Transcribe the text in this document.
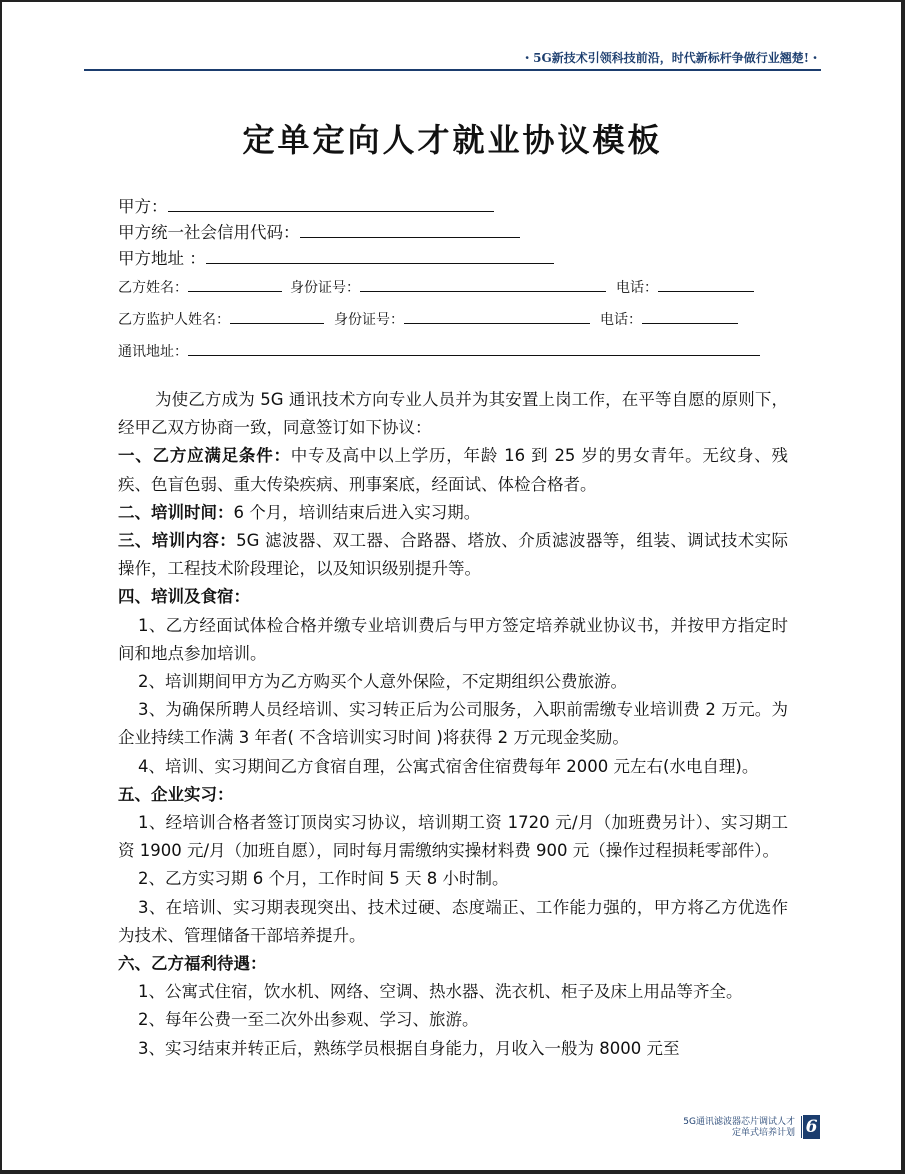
・5G新技术引领科技前沿，时代新标杆争做行业翘楚!・
定单定向人才就业协议模板
甲方：
甲方统一社会信用代码：
甲方地址 ：
乙方姓名：	身份证号：	电话：
乙方监护人姓名：	身份证号：	电话：
通讯地址：

为使乙方成为 5G 通讯技术方向专业人员并为其安置上岗工作，在平等自愿的原则下，经甲乙双方协商一致，同意签订如下协议：

一、乙方应满足条件：中专及高中以上学历，年龄 16 到 25 岁的男女青年。无纹身、残疾、色盲色弱、重大传染疾病、刑事案底，经面试、体检合格者。

二、培训时间：6 个月，培训结束后进入实习期。

三、培训内容：5G 滤波器、双工器、合路器、塔放、介质滤波器等，组装、调试技术实际操作，工程技术阶段理论，以及知识级别提升等。

四、培训及食宿：

1、乙方经面试体检合格并缴专业培训费后与甲方签定培养就业协议书，并按甲方指定时间和地点参加培训。

2、培训期间甲方为乙方购买个人意外保险，不定期组织公费旅游。

3、为确保所聘人员经培训、实习转正后为公司服务，入职前需缴专业培训费 2 万元。为企业持续工作满 3 年者( 不含培训实习时间 )将获得 2 万元现金奖励。

4、培训、实习期间乙方食宿自理，公寓式宿舍住宿费每年 2000 元左右(水电自理)。

五、企业实习：

1、经培训合格者签订顶岗实习协议，培训期工资 1720 元/月（加班费另计）、实习期工资 1900 元/月（加班自愿），同时每月需缴纳实操材料费 900 元（操作过程损耗零部件）。

2、乙方实习期 6 个月，工作时间 5 天 8 小时制。

3、在培训、实习期表现突出、技术过硬、态度端正、工作能力强的，甲方将乙方优选作为技术、管理储备干部培养提升。

六、乙方福利待遇：

1、公寓式住宿，饮水机、网络、空调、热水器、洗衣机、柜子及床上用品等齐全。

2、每年公费一至二次外出参观、学习、旅游。

3、实习结束并转正后，熟练学员根据自身能力，月收入一般为 8000 元至

5G通讯滤波器芯片调试人才
定单式培养计划 6
